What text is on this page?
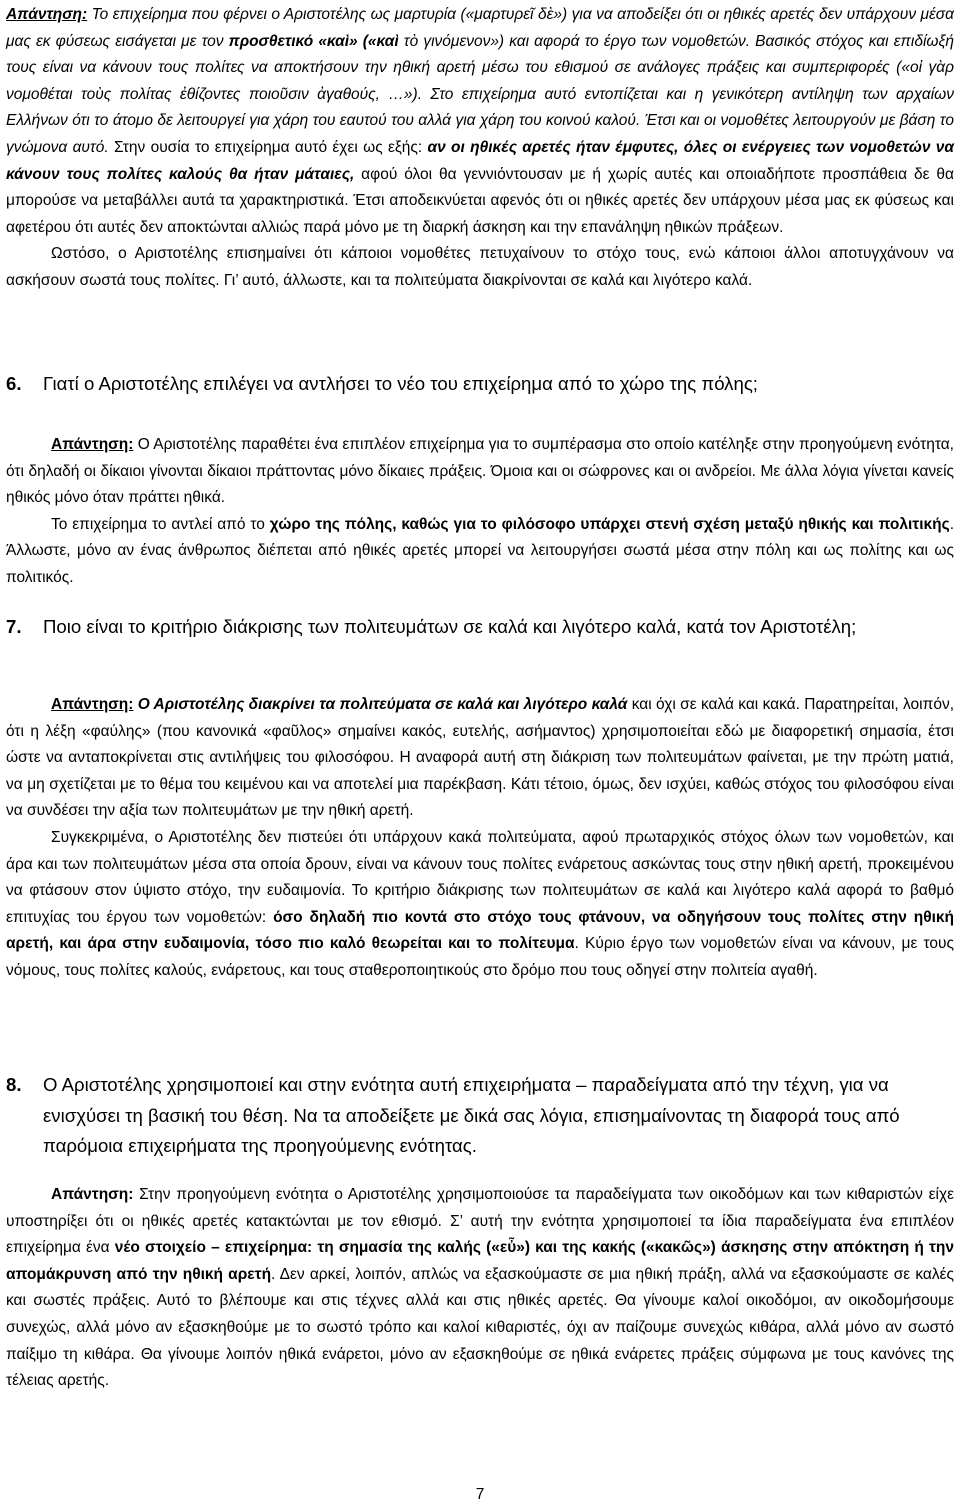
Απάντηση: Το επιχείρημα που φέρνει ο Αριστοτέλης ως μαρτυρία («μαρτυρεῖ δὲ») για να αποδείξει ότι οι ηθικές αρετές δεν υπάρχουν μέσα μας εκ φύσεως εισάγεται με τον προσθετικό «καὶ» («καὶ τὸ γινόμενον») και αφορά το έργο των νομοθετών. Βασικός στόχος και επιδίωξή τους είναι να κάνουν τους πολίτες να αποκτήσουν την ηθική αρετή μέσω του εθισμού σε ανάλογες πράξεις και συμπεριφορές («οἱ γὰρ νομοθέται τοὺς πολίτας ἐθίζοντες ποιοῦσιν ἀγαθούς, …»). Στο επιχείρημα αυτό εντοπίζεται και η γενικότερη αντίληψη των αρχαίων Ελλήνων ότι το άτομο δε λειτουργεί για χάρη του εαυτού του αλλά για χάρη του κοινού καλού. Έτσι και οι νομοθέτες λειτουργούν με βάση το γνώμονα αυτό. Στην ουσία το επιχείρημα αυτό έχει ως εξής: αν οι ηθικές αρετές ήταν έμφυτες, όλες οι ενέργειες των νομοθετών να κάνουν τους πολίτες καλούς θα ήταν μάταιες, αφού όλοι θα γεννιόντουσαν με ή χωρίς αυτές και οποιαδήποτε προσπάθεια δε θα μπορούσε να μεταβάλλει αυτά τα χαρακτηριστικά. Έτσι αποδεικνύεται αφενός ότι οι ηθικές αρετές δεν υπάρχουν μέσα μας εκ φύσεως και αφετέρου ότι αυτές δεν αποκτώνται αλλιώς παρά μόνο με τη διαρκή άσκηση και την επανάληψη ηθικών πράξεων.

Ωστόσο, ο Αριστοτέλης επισημαίνει ότι κάποιοι νομοθέτες πετυχαίνουν το στόχο τους, ενώ κάποιοι άλλοι αποτυγχάνουν να ασκήσουν σωστά τους πολίτες. Γι’ αυτό, άλλωστε, και τα πολιτεύματα διακρίνονται σε καλά και λιγότερο καλά.

6.	Γιατί ο Αριστοτέλης επιλέγει να αντλήσει το νέο του επιχείρημα από το χώρο της πόλης;

Απάντηση: Ο Αριστοτέλης παραθέτει ένα επιπλέον επιχείρημα για το συμπέρασμα στο οποίο κατέληξε στην προηγούμενη ενότητα, ότι δηλαδή οι δίκαιοι γίνονται δίκαιοι πράττοντας μόνο δίκαιες πράξεις. Όμοια και οι σώφρονες και οι ανδρείοι. Με άλλα λόγια γίνεται κανείς ηθικός μόνο όταν πράττει ηθικά.

Το επιχείρημα το αντλεί από το χώρο της πόλης, καθώς για το φιλόσοφο υπάρχει στενή σχέση μεταξύ ηθικής και πολιτικής. Άλλωστε, μόνο αν ένας άνθρωπος διέπεται από ηθικές αρετές μπορεί να λειτουργήσει σωστά μέσα στην πόλη και ως πολίτης και ως πολιτικός.

7.	Ποιο είναι το κριτήριο διάκρισης των πολιτευμάτων σε καλά και λιγότερο καλά, κατά τον Αριστοτέλη;

Απάντηση: Ο Αριστοτέλης διακρίνει τα πολιτεύματα σε καλά και λιγότερο καλά και όχι σε καλά και κακά. Παρατηρείται, λοιπόν, ότι η λέξη «φαύλης» (που κανονικά «φαῦλος» σημαίνει κακός, ευτελής, ασήμαντος) χρησιμοποιείται εδώ με διαφορετική σημασία, έτσι ώστε να ανταποκρίνεται στις αντιλήψεις του φιλοσόφου. Η αναφορά αυτή στη διάκριση των πολιτευμάτων φαίνεται, με την πρώτη ματιά, να μη σχετίζεται με το θέμα του κειμένου και να αποτελεί μια παρέκβαση. Κάτι τέτοιο, όμως, δεν ισχύει, καθώς στόχος του φιλοσόφου είναι να συνδέσει την αξία των πολιτευμάτων με την ηθική αρετή.

Συγκεκριμένα, ο Αριστοτέλης δεν πιστεύει ότι υπάρχουν κακά πολιτεύματα, αφού πρωταρχικός στόχος όλων των νομοθετών, και άρα και των πολιτευμάτων μέσα στα οποία δρουν, είναι να κάνουν τους πολίτες ενάρετους ασκώντας τους στην ηθική αρετή, προκειμένου να φτάσουν στον ύψιστο στόχο, την ευδαιμονία. Το κριτήριο διάκρισης των πολιτευμάτων σε καλά και λιγότερο καλά αφορά το βαθμό επιτυχίας του έργου των νομοθετών: όσο δηλαδή πιο κοντά στο στόχο τους φτάνουν, να οδηγήσουν τους πολίτες στην ηθική αρετή, και άρα στην ευδαιμονία, τόσο πιο καλό θεωρείται και το πολίτευμα. Κύριο έργο των νομοθετών είναι να κάνουν, με τους νόμους, τους πολίτες καλούς, ενάρετους, και τους σταθεροποιητικούς στο δρόμο που τους οδηγεί στην πολιτεία αγαθή.

8.	Ο Αριστοτέλης χρησιμοποιεί και στην ενότητα αυτή επιχειρήματα – παραδείγματα από την τέχνη, για να ενισχύσει τη βασική του θέση. Να τα αποδείξετε με δικά σας λόγια, επισημαίνοντας τη διαφορά τους από παρόμοια επιχειρήματα της προηγούμενης ενότητας.

Απάντηση: Στην προηγούμενη ενότητα ο Αριστοτέλης χρησιμοποιούσε τα παραδείγματα των οικοδόμων και των κιθαριστών είχε υποστηρίξει ότι οι ηθικές αρετές κατακτώνται με τον εθισμό. Σ’ αυτή την ενότητα χρησιμοποιεί τα ίδια παραδείγματα ένα επιπλέον επιχείρημα ένα νέο στοιχείο – επιχείρημα: τη σημασία της καλής («εὖ») και της κακής («κακῶς») άσκησης στην απόκτηση ή την απομάκρυνση από την ηθική αρετή. Δεν αρκεί, λοιπόν, απλώς να εξασκούμαστε σε μια ηθική πράξη, αλλά να εξασκούμαστε σε καλές και σωστές πράξεις. Αυτό το βλέπουμε και στις τέχνες αλλά και στις ηθικές αρετές. Θα γίνουμε καλοί οικοδόμοι, αν οικοδομήσουμε συνεχώς, αλλά μόνο αν εξασκηθούμε με το σωστό τρόπο και καλοί κιθαριστές, όχι αν παίζουμε συνεχώς κιθάρα, αλλά μόνο αν σωστό παίξιμο τη κιθάρα. Θα γίνουμε λοιπόν ηθικά ενάρετοι, μόνο αν εξασκηθούμε σε ηθικά ενάρετες πράξεις σύμφωνα με τους κανόνες της τέλειας αρετής.

7
